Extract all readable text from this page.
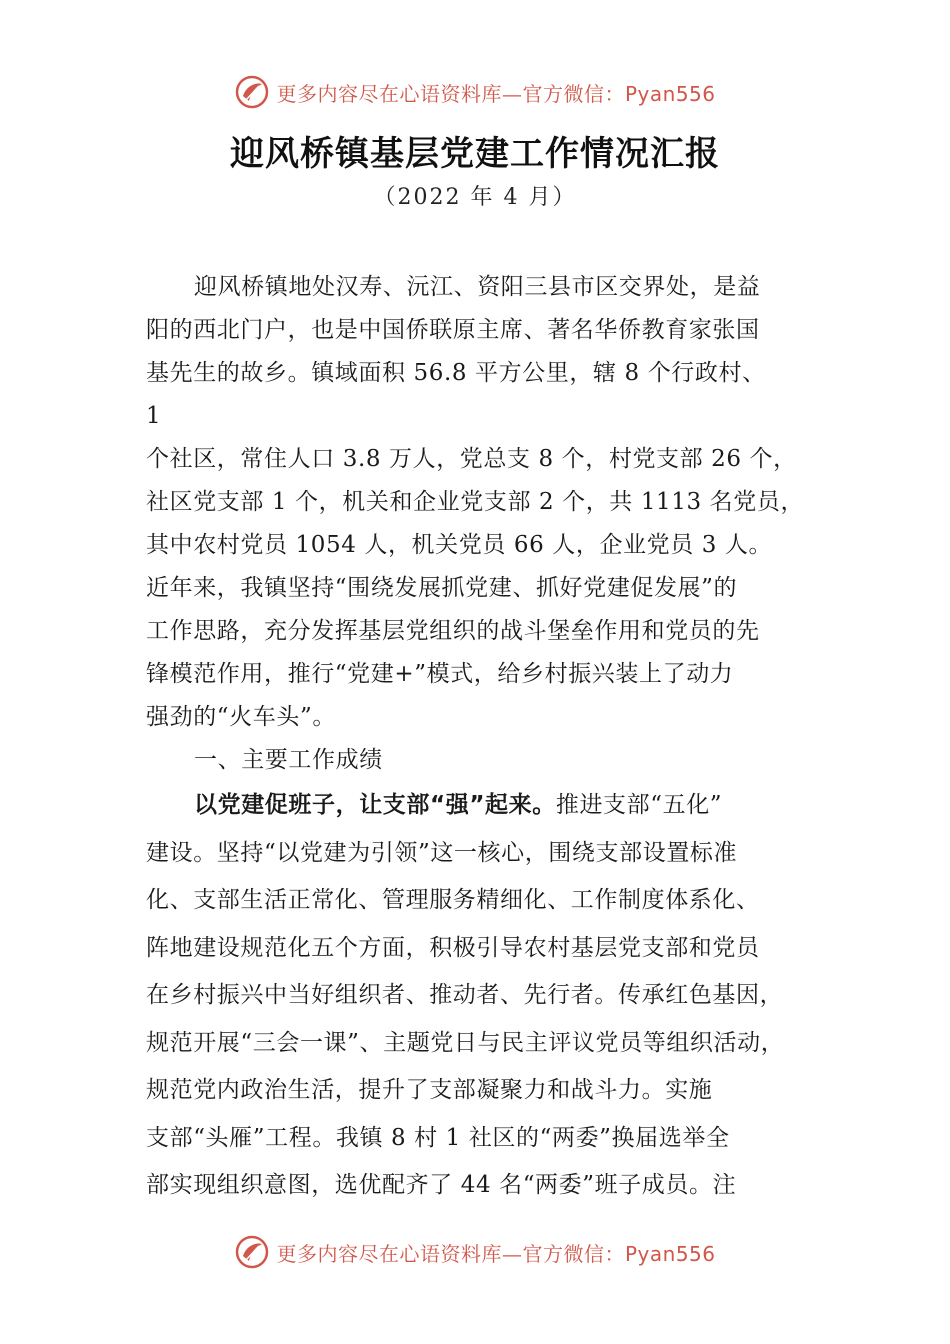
更多内容尽在心语资料库—官方微信：Pyan556
迎风桥镇基层党建工作情况汇报
（2022 年 4 月）
迎风桥镇地处汉寿、沅江、资阳三县市区交界处，是益
阳的西北门户，也是中国侨联原主席、著名华侨教育家张国
基先生的故乡。镇域面积 56.8 平方公里，辖 8 个行政村、
1
个社区，常住人口 3.8 万人，党总支 8 个，村党支部 26 个，
社区党支部 1 个，机关和企业党支部 2 个，共 1113 名党员，
其中农村党员 1054 人，机关党员 66 人，企业党员 3 人。
近年来，我镇坚持“围绕发展抓党建、抓好党建促发展”的
工作思路，充分发挥基层党组织的战斗堡垒作用和党员的先
锋模范作用，推行“党建+”模式，给乡村振兴装上了动力
强劲的“火车头”。
一、主要工作成绩
以党建促班子，让支部“强”起来。推进支部“五化”
建设。坚持“以党建为引领”这一核心，围绕支部设置标准
化、支部生活正常化、管理服务精细化、工作制度体系化、
阵地建设规范化五个方面，积极引导农村基层党支部和党员
在乡村振兴中当好组织者、推动者、先行者。传承红色基因，
规范开展“三会一课”、主题党日与民主评议党员等组织活动，
规范党内政治生活，提升了支部凝聚力和战斗力。实施
支部“头雁”工程。我镇 8 村 1 社区的“两委”换届选举全
部实现组织意图，选优配齐了 44 名“两委”班子成员。注
更多内容尽在心语资料库—官方微信：Pyan556
